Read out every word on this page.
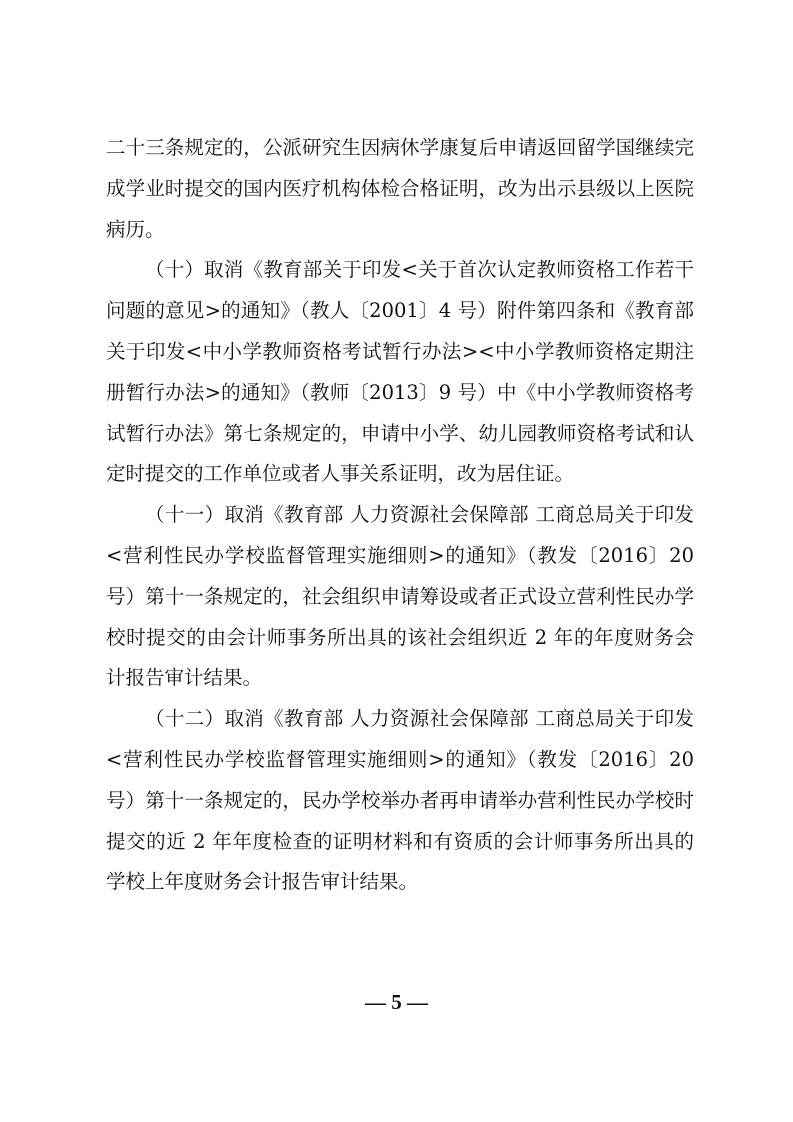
二十三条规定的，公派研究生因病休学康复后申请返回留学国继续完成学业时提交的国内医疗机构体检合格证明，改为出示县级以上医院病历。

（十）取消《教育部关于印发<关于首次认定教师资格工作若干问题的意见>的通知》（教人〔2001〕4 号）附件第四条和《教育部关于印发<中小学教师资格考试暂行办法><中小学教师资格定期注册暂行办法>的通知》（教师〔2013〕9 号）中《中小学教师资格考试暂行办法》第七条规定的，申请中小学、幼儿园教师资格考试和认定时提交的工作单位或者人事关系证明，改为居住证。

（十一）取消《教育部 人力资源社会保障部 工商总局关于印发<营利性民办学校监督管理实施细则>的通知》（教发〔2016〕20 号）第十一条规定的，社会组织申请筹设或者正式设立营利性民办学校时提交的由会计师事务所出具的该社会组织近 2 年的年度财务会计报告审计结果。

（十二）取消《教育部 人力资源社会保障部 工商总局关于印发<营利性民办学校监督管理实施细则>的通知》（教发〔2016〕20 号）第十一条规定的，民办学校举办者再申请举办营利性民办学校时提交的近 2 年年度检查的证明材料和有资质的会计师事务所出具的学校上年度财务会计报告审计结果。

— 5 —
